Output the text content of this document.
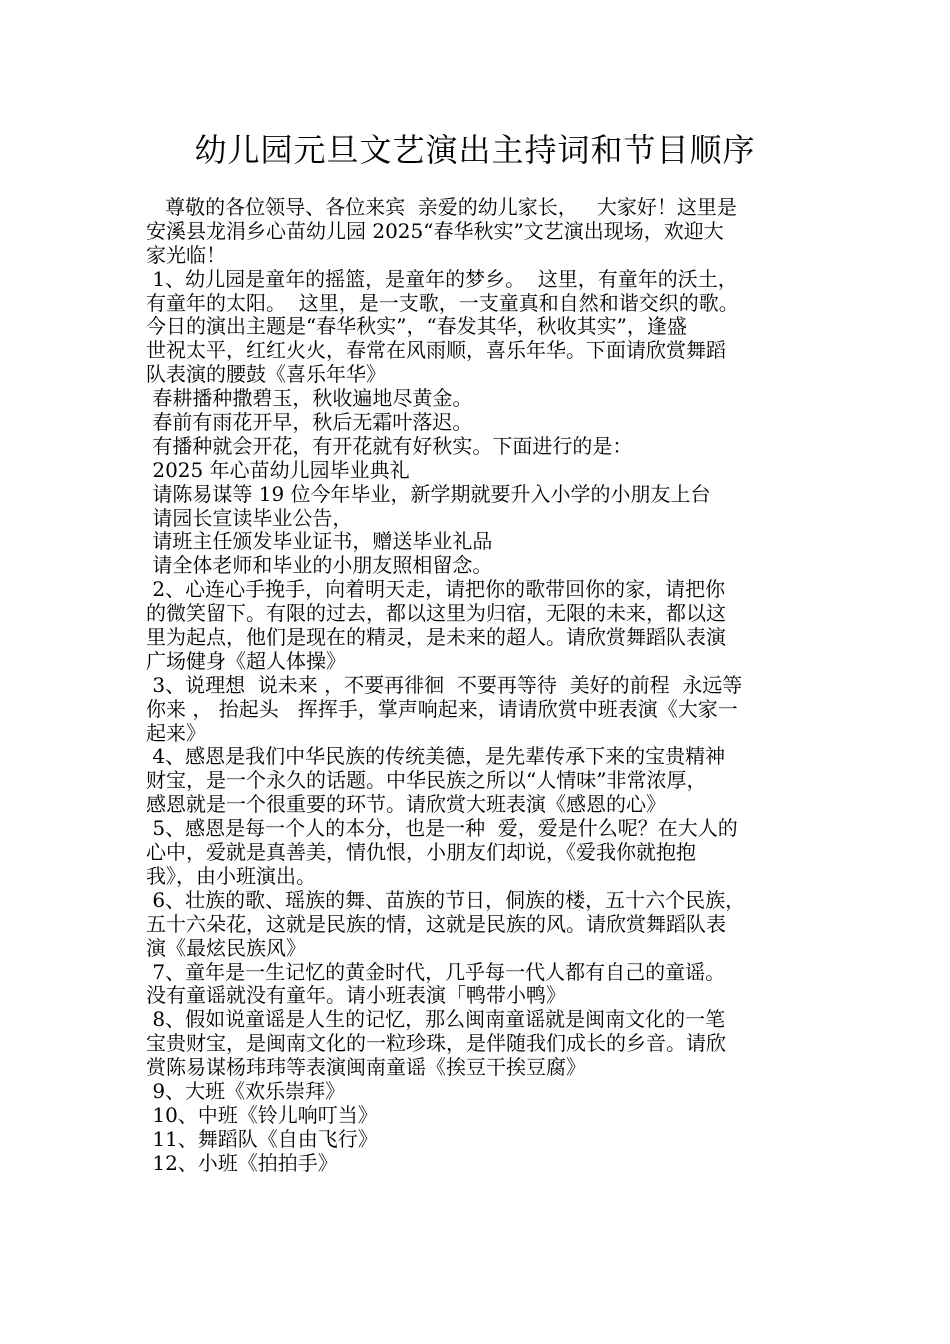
幼儿园元旦文艺演出主持词和节目顺序
尊敬的各位领导、各位来宾  亲爱的幼儿家长，   大家好！这里是
安溪县龙涓乡心苗幼儿园 2025“春华秋实”文艺演出现场，欢迎大
家光临！
1、幼儿园是童年的摇篮，是童年的梦乡。  这里，有童年的沃土，
有童年的太阳。  这里，是一支歌，一支童真和自然和谐交织的歌。
今日的演出主题是“春华秋实”，“春发其华，秋收其实”，逢盛
世祝太平，红红火火，春常在风雨顺，喜乐年华。下面请欣赏舞蹈
队表演的腰鼓《喜乐年华》
春耕播种撒碧玉，秋收遍地尽黄金。
春前有雨花开早，秋后无霜叶落迟。
有播种就会开花，有开花就有好秋实。下面进行的是：
2025 年心苗幼儿园毕业典礼
请陈易谋等 19 位今年毕业，新学期就要升入小学的小朋友上台
请园长宣读毕业公告，
请班主任颁发毕业证书，赠送毕业礼品
请全体老师和毕业的小朋友照相留念。
2、心连心手挽手，向着明天走，请把你的歌带回你的家，请把你
的微笑留下。有限的过去，都以这里为归宿，无限的未来，都以这
里为起点，他们是现在的精灵，是未来的超人。请欣赏舞蹈队表演
广场健身《超人体操》
3、说理想  说未来 ，不要再徘徊  不要再等待  美好的前程  永远等
你来 ， 抬起头   挥挥手，掌声响起来，请请欣赏中班表演《大家一
起来》
4、感恩是我们中华民族的传统美德，是先辈传承下来的宝贵精神
财宝，是一个永久的话题。中华民族之所以“人情味”非常浓厚，
感恩就是一个很重要的环节。请欣赏大班表演《感恩的心》
5、感恩是每一个人的本分，也是一种  爱，爱是什么呢？在大人的
心中，爱就是真善美，情仇恨，小朋友们却说，《爱我你就抱抱
我》，由小班演出。
6、壮族的歌、瑶族的舞、苗族的节日，侗族的楼，五十六个民族，
五十六朵花，这就是民族的情，这就是民族的风。请欣赏舞蹈队表
演《最炫民族风》
7、童年是一生记忆的黄金时代，几乎每一代人都有自己的童谣。
没有童谣就没有童年。请小班表演「鸭带小鸭》
8、假如说童谣是人生的记忆，那么闽南童谣就是闽南文化的一笔
宝贵财宝，是闽南文化的一粒珍珠，是伴随我们成长的乡音。请欣
赏陈易谋杨玮玮等表演闽南童谣《挨豆干挨豆腐》
9、大班《欢乐崇拜》
10、中班《铃儿响叮当》
11、舞蹈队《自由飞行》
12、小班《拍拍手》
